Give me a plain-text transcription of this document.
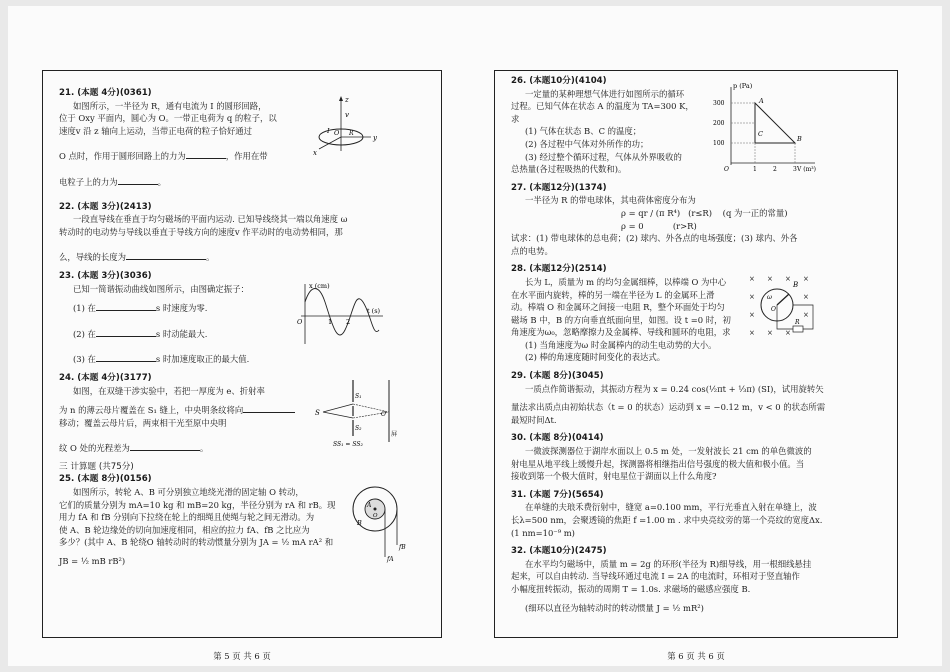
21. (本题 4分)(0361)

如图所示，一半径为 R，通有电流为 I 的圆形回路，

位于 Oxy 平面内，圆心为 O。一带正电荷为 q 的粒子，以

速度v 沿 z 轴向上运动，当带正电荷的粒子恰好通过

O 点时，作用于圆形回路上的力为	，作用在带

电粒子上的力为	。

z
v
O
I
x
y
R

22. (本题 3分)(2413)

一段直导线在垂直于均匀磁场的平面内运动. 已知导线绕其一端以角速度 ω

转动时的电动势与导线以垂直于导线方向的速度v 作平动时的电动势相同，那

么，导线的长度为	。

23. (本题 3分)(3036)

已知一简谐振动曲线如图所示，由图确定振子：

(1) 在	s 时速度为零.

(2) 在	s 时动能最大.

(3) 在	s 时加速度取正的最大值.

x (cm)
t (s)
O	1 2

24. (本题 4分)(3177)

如图，在双缝干涉实验中，若把一厚度为 e、折射率

为 n 的薄云母片覆盖在 S₁ 缝上，中央明条纹将向

移动；覆盖云母片后，两束相干光至原中央明

纹 O 处的光程差为	。

S
S₁
S₂
O
屏
SS₁ = SS₂

三 计算题 (共75分)

25. (本题 8分)(0156)

如图所示，转轮 A、B 可分别独立地绕光滑的固定轴 O 转动，

它们的质量分别为 mA=10 kg 和 mB=20 kg，半径分别为 rA 和 rB。现

用力 fA 和 fB 分别向下拉绕在轮上的细绳且使绳与轮之间无滑动。为

使 A、B 轮边缘处的切向加速度相同，相应的拉力 fA、fB 之比应为

多少？(其中 A、B 轮绕O 轴转动时的转动惯量分别为 JA = ½ mA rA² 和

JB = ½ mB rB²)

A
B
O
fA
fB
第 5 页 共 6 页

26. (本题10分)(4104)

一定量的某种理想气体进行如图所示的循环

过程。已知气体在状态 A 的温度为 TA=300 K，

求

(1) 气体在状态 B、C 的温度；

(2) 各过程中气体对外所作的功；

(3) 经过整个循环过程，气体从外界吸收的

总热量(各过程吸热的代数和)。

p (Pa)
V (m³)
O
300
200
100
1	2	3
A
B
C

27. (本题12分)(1374)

一半径为 R 的带电球体，其电荷体密度分布为

ρ = qr / (π R⁴) (r≤R) (q 为一正的常量)

ρ = 0	(r>R)

试求：(1) 带电球体的总电荷；(2) 球内、外各点的电场强度；(3) 球内、外各

点的电势。

28. (本题12分)(2514)

长为 L，质量为 m 的均匀金属细棒，以棒端 O 为中心

在水平面内旋转，棒的另一端在半径为 L 的金属环上滑

动。棒端 O 和金属环之间接一电阻 R，整个环面处于均匀

磁场 B 中，B 的方向垂直纸面向里，如图。设 t =0 时，初

角速度为ω₀，忽略摩擦力及金属棒、导线和圆环的电阻，求

(1) 当角速度为ω 时金属棒内的动生电动势的大小。

(2) 棒的角速度随时间变化的表达式。

× × × ×
×	×
×	×
× × ×
B
O
R
ω

29. (本题 8分)(3045)

一质点作简谐振动，其振动方程为 x = 0.24 cos(½πt + ⅓π) (SI)，试用旋转矢

量法求出质点由初始状态（t = 0 的状态）运动到 x = −0.12 m，v < 0 的状态所需

最短时间Δt.

30. (本题 8分)(0414)

一微波探测器位于湖岸水面以上 0.5 m 处，一发射波长 21 cm 的单色微波的

射电星从地平线上缓慢升起，探测器将相继指出信号强度的极大值和极小值。当

接收到第一个极大值时，射电星位于湖面以上什么角度?

31. (本题 7分)(5654)

在单缝的夫琅禾费衍射中，缝宽 a=0.100 mm，平行光垂直入射在单缝上，波

长λ=500 nm，会聚透镜的焦距 f =1.00 m . 求中央亮纹旁的第一个亮纹的宽度Δx.

(1 nm=10⁻⁹ m)

32. (本题10分)(2475)

在水平均匀磁场中，质量 m = 2g 的环形(半径为 R)细导线，用一根细线悬挂

起来，可以自由转动. 当导线环通过电流 I = 2A 的电流时，环相对于竖直轴作

小幅度扭转振动，振动的周期 T = 1.0s. 求磁场的磁感应强度 B.

(细环以直径为轴转动时的转动惯量 J = ½ mR²)

第 6 页 共 6 页
